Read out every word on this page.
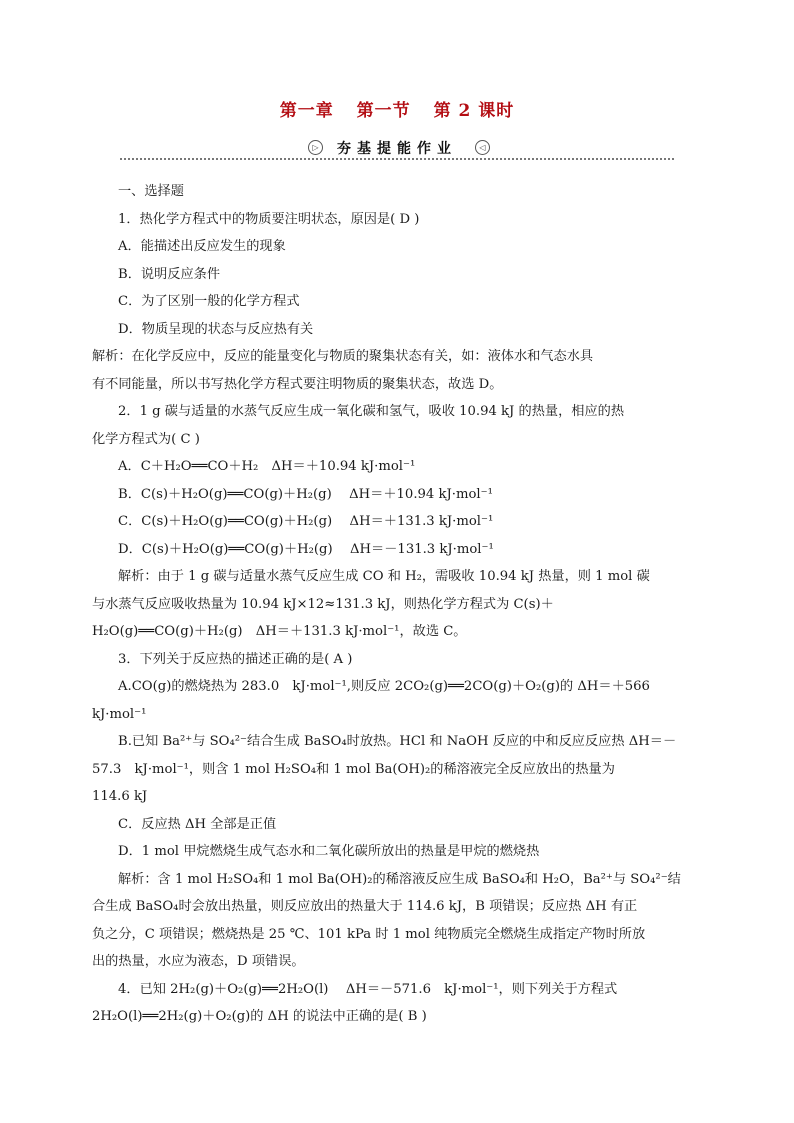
第一章 第一节 第 2 课时
▷	夯基提能作业	◁
一、选择题
1．热化学方程式中的物质要注明状态，原因是( D )
A．能描述出反应发生的现象
B．说明反应条件
C．为了区别一般的化学方程式
D．物质呈现的状态与反应热有关
解析：在化学反应中，反应的能量变化与物质的聚集状态有关，如：液体水和气态水具
有不同能量，所以书写热化学方程式要注明物质的聚集状态，故选 D。
2．1 g 碳与适量的水蒸气反应生成一氧化碳和氢气，吸收 10.94 kJ 的热量，相应的热
化学方程式为( C )
A．C＋H₂O══CO＋H₂　ΔH＝＋10.94 kJ·mol⁻¹
B．C(s)＋H₂O(g)══CO(g)＋H₂(g)　 ΔH＝＋10.94 kJ·mol⁻¹
C．C(s)＋H₂O(g)══CO(g)＋H₂(g)　 ΔH＝＋131.3 kJ·mol⁻¹
D．C(s)＋H₂O(g)══CO(g)＋H₂(g)　 ΔH＝－131.3 kJ·mol⁻¹
解析：由于 1 g 碳与适量水蒸气反应生成 CO 和 H₂，需吸收 10.94 kJ 热量，则 1 mol 碳
与水蒸气反应吸收热量为 10.94 kJ×12≈131.3 kJ，则热化学方程式为 C(s)＋
H₂O(g)══CO(g)＋H₂(g)　ΔH＝＋131.3 kJ·mol⁻¹，故选 C。
3．下列关于反应热的描述正确的是( A )
A.CO(g)的燃烧热为 283.0　kJ·mol⁻¹,则反应 2CO₂(g)══2CO(g)＋O₂(g)的 ΔH＝＋566
kJ·mol⁻¹
B.已知 Ba²⁺与 SO₄²⁻结合生成 BaSO₄时放热。HCl 和 NaOH 反应的中和反应反应热 ΔH＝－
57.3　kJ·mol⁻¹，则含 1 mol H₂SO₄和 1 mol Ba(OH)₂的稀溶液完全反应放出的热量为
114.6 kJ
C．反应热 ΔH 全部是正值
D．1 mol 甲烷燃烧生成气态水和二氧化碳所放出的热量是甲烷的燃烧热
解析：含 1 mol H₂SO₄和 1 mol Ba(OH)₂的稀溶液反应生成 BaSO₄和 H₂O，Ba²⁺与 SO₄²⁻结
合生成 BaSO₄时会放出热量，则反应放出的热量大于 114.6 kJ，B 项错误；反应热 ΔH 有正
负之分，C 项错误；燃烧热是 25 ℃、101 kPa 时 1 mol 纯物质完全燃烧生成指定产物时所放
出的热量，水应为液态，D 项错误。
4．已知 2H₂(g)＋O₂(g)══2H₂O(l)　 ΔH＝－571.6　kJ·mol⁻¹，则下列关于方程式
2H₂O(l)══2H₂(g)＋O₂(g)的 ΔH 的说法中正确的是( B )
